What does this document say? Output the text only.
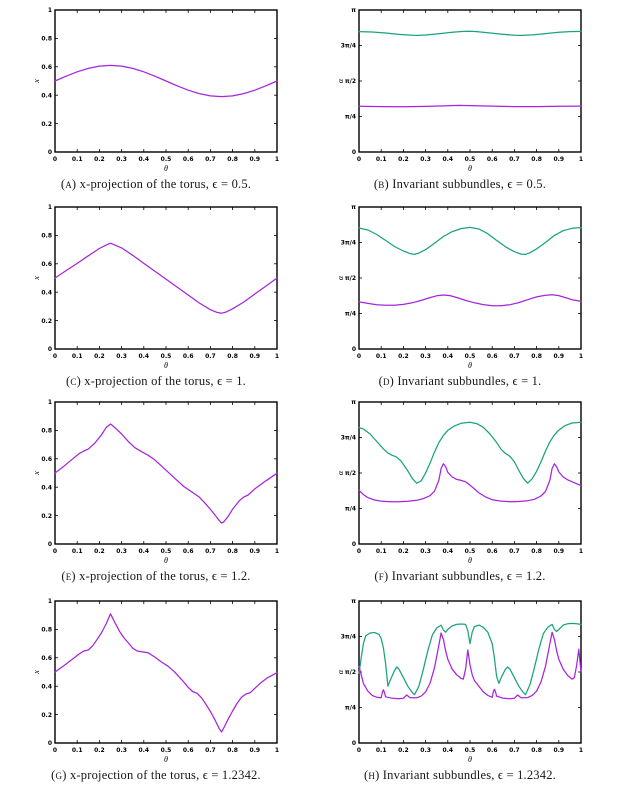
0 0.1 0.2 0.3 0.4 0.5 0.6 0.7 0.8 0.9 1
0
0.2
0.4
0.6
0.8
1
θ
x
(a) x-projection of the torus, ϵ = 0.5.
0 0.1 0.2 0.3 0.4 0.5 0.6 0.7 0.8 0.9 1
0
π/4
π/2
3π/4
π
θ
α
(b) Invariant subbundles, ϵ = 0.5.
0 0.1 0.2 0.3 0.4 0.5 0.6 0.7 0.8 0.9 1
0
0.2
0.4
0.6
0.8
1
θ
x
(c) x-projection of the torus, ϵ = 1.
0 0.1 0.2 0.3 0.4 0.5 0.6 0.7 0.8 0.9 1
0
π/4
π/2
3π/4
π
θ
α
(d) Invariant subbundles, ϵ = 1.
0 0.1 0.2 0.3 0.4 0.5 0.6 0.7 0.8 0.9 1
0
0.2
0.4
0.6
0.8
1
θ
x
(e) x-projection of the torus, ϵ = 1.2.
0 0.1 0.2 0.3 0.4 0.5 0.6 0.7 0.8 0.9 1
0
π/4
π/2
3π/4
π
θ
α
(f) Invariant subbundles, ϵ = 1.2.
0 0.1 0.2 0.3 0.4 0.5 0.6 0.7 0.8 0.9 1
0
0.2
0.4
0.6
0.8
1
θ
x
(g) x-projection of the torus, ϵ = 1.2342.
0 0.1 0.2 0.3 0.4 0.5 0.6 0.7 0.8 0.9 1
0
π/4
π/2
3π/4
π
θ
α
(h) Invariant subbundles, ϵ = 1.2342.
